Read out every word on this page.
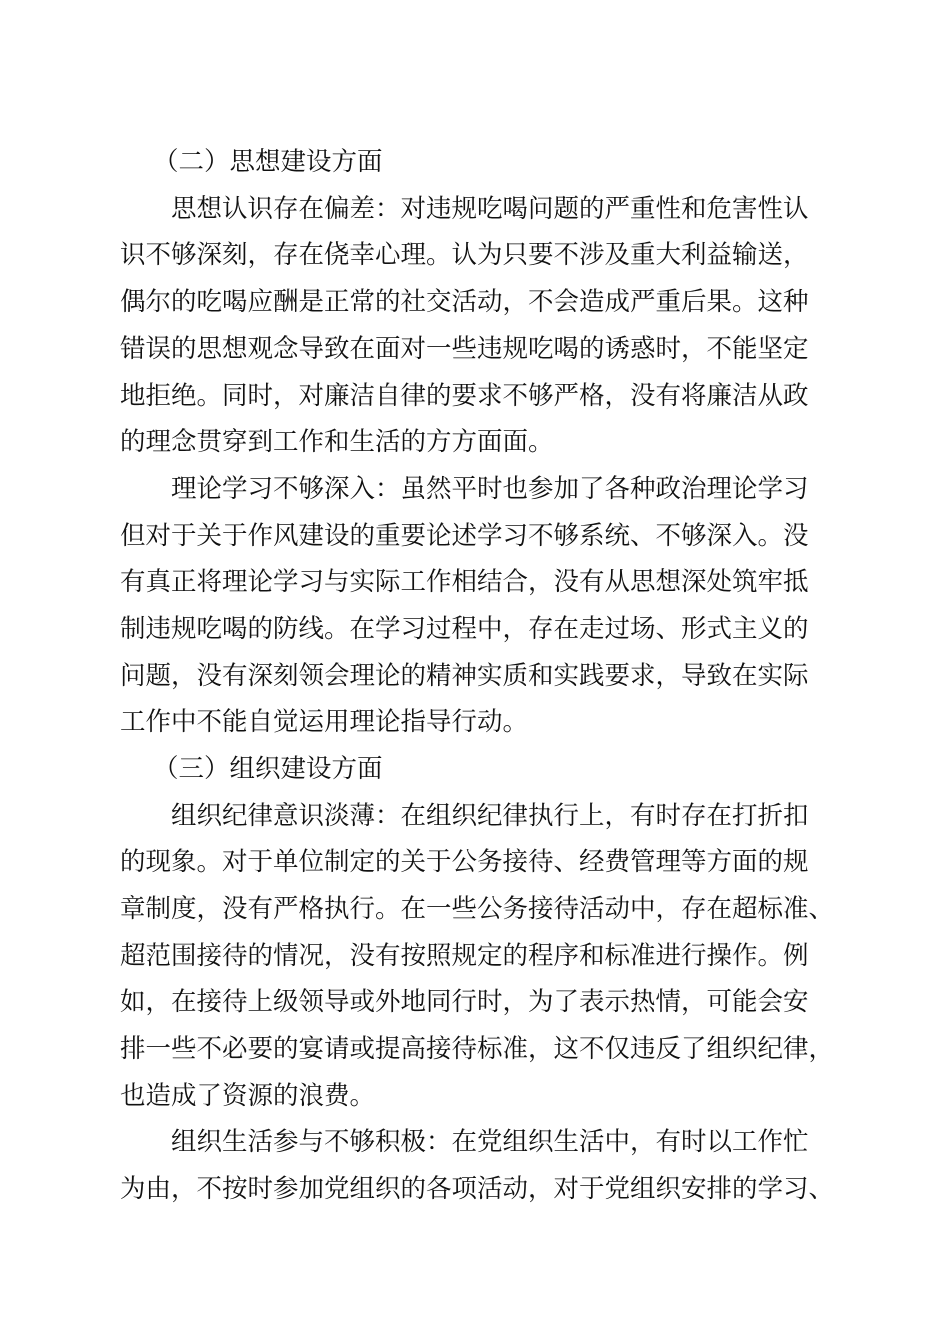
（二）思想建设方面
思想认识存在偏差：对违规吃喝问题的严重性和危害性认
识不够深刻，存在侥幸心理。认为只要不涉及重大利益输送，
偶尔的吃喝应酬是正常的社交活动，不会造成严重后果。这种
错误的思想观念导致在面对一些违规吃喝的诱惑时，不能坚定
地拒绝。同时，对廉洁自律的要求不够严格，没有将廉洁从政
的理念贯穿到工作和生活的方方面面。
理论学习不够深入：虽然平时也参加了各种政治理论学习
但对于关于作风建设的重要论述学习不够系统、不够深入。没
有真正将理论学习与实际工作相结合，没有从思想深处筑牢抵
制违规吃喝的防线。在学习过程中，存在走过场、形式主义的
问题，没有深刻领会理论的精神实质和实践要求，导致在实际
工作中不能自觉运用理论指导行动。
（三）组织建设方面
组织纪律意识淡薄：在组织纪律执行上，有时存在打折扣
的现象。对于单位制定的关于公务接待、经费管理等方面的规
章制度，没有严格执行。在一些公务接待活动中，存在超标准、
超范围接待的情况，没有按照规定的程序和标准进行操作。例
如，在接待上级领导或外地同行时，为了表示热情，可能会安
排一些不必要的宴请或提高接待标准，这不仅违反了组织纪律，
也造成了资源的浪费。
组织生活参与不够积极：在党组织生活中，有时以工作忙
为由，不按时参加党组织的各项活动，对于党组织安排的学习、
